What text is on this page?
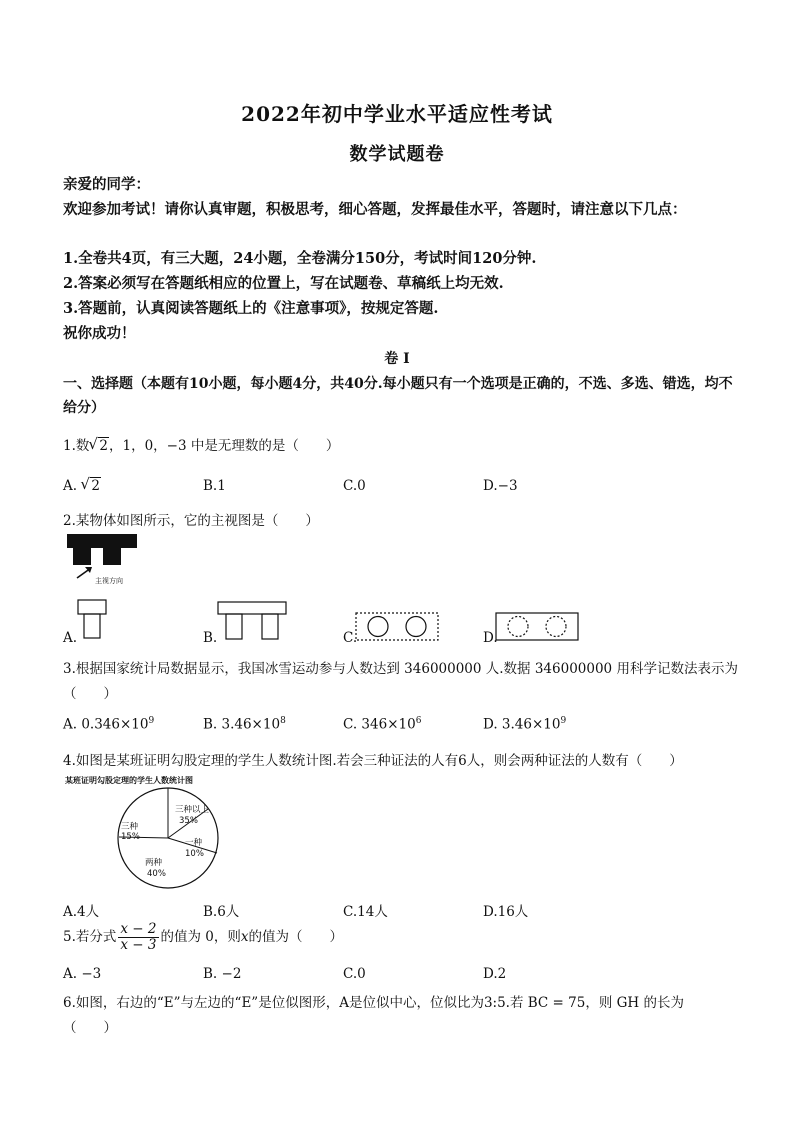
2022年初中学业水平适应性考试
数学试题卷
亲爱的同学：
欢迎参加考试！请你认真审题，积极思考，细心答题，发挥最佳水平，答题时，请注意以下几点：
1.全卷共4页，有三大题，24小题，全卷满分150分，考试时间120分钟.
2.答案必须写在答题纸相应的位置上，写在试题卷、草稿纸上均无效.
3.答题前，认真阅读答题纸上的《注意事项》，按规定答题.
祝你成功！
卷 I
一、选择题（本题有10小题，每小题4分，共40分.每小题只有一个选项是正确的，不选、多选、错选，均不给分）
1.数 √ 2，1，0，−3 中是无理数的是（　　）
A. √ 2	B.1	C.0	D.−3
2.某物体如图所示，它的主视图是（　　）
主视方向
A.	B.	C.	D.
3.根据国家统计局数据显示，我国冰雪运动参与人数达到 346000000 人.数据 346000000 用科学记数法表示为
（　　）
A. $0.346\times 10^9$	B. $3.46\times 10^8$	C. $346\times 10^6$	D. $3.46\times 10^9$
4.如图是某班证明勾股定理的学生人数统计图.若会三种证法的人有6人，则会两种证法的人数有（　　）
某班证明勾股定理的学生人数统计图
三种以上
35%
三种
15%
一种
10%
两种
40%
A.4人	B.6人	C.14人	D.16人
5.若分式 $\frac{x - 2}{x - 3}$ 的值为 0，则x的值为（　　）
A. −3	B. −2	C.0	D.2
6.如图，右边的“E”与左边的“E”是位似图形，A是位似中心，位似比为3:5.若 BC = 75，则 GH 的长为
（　　）
